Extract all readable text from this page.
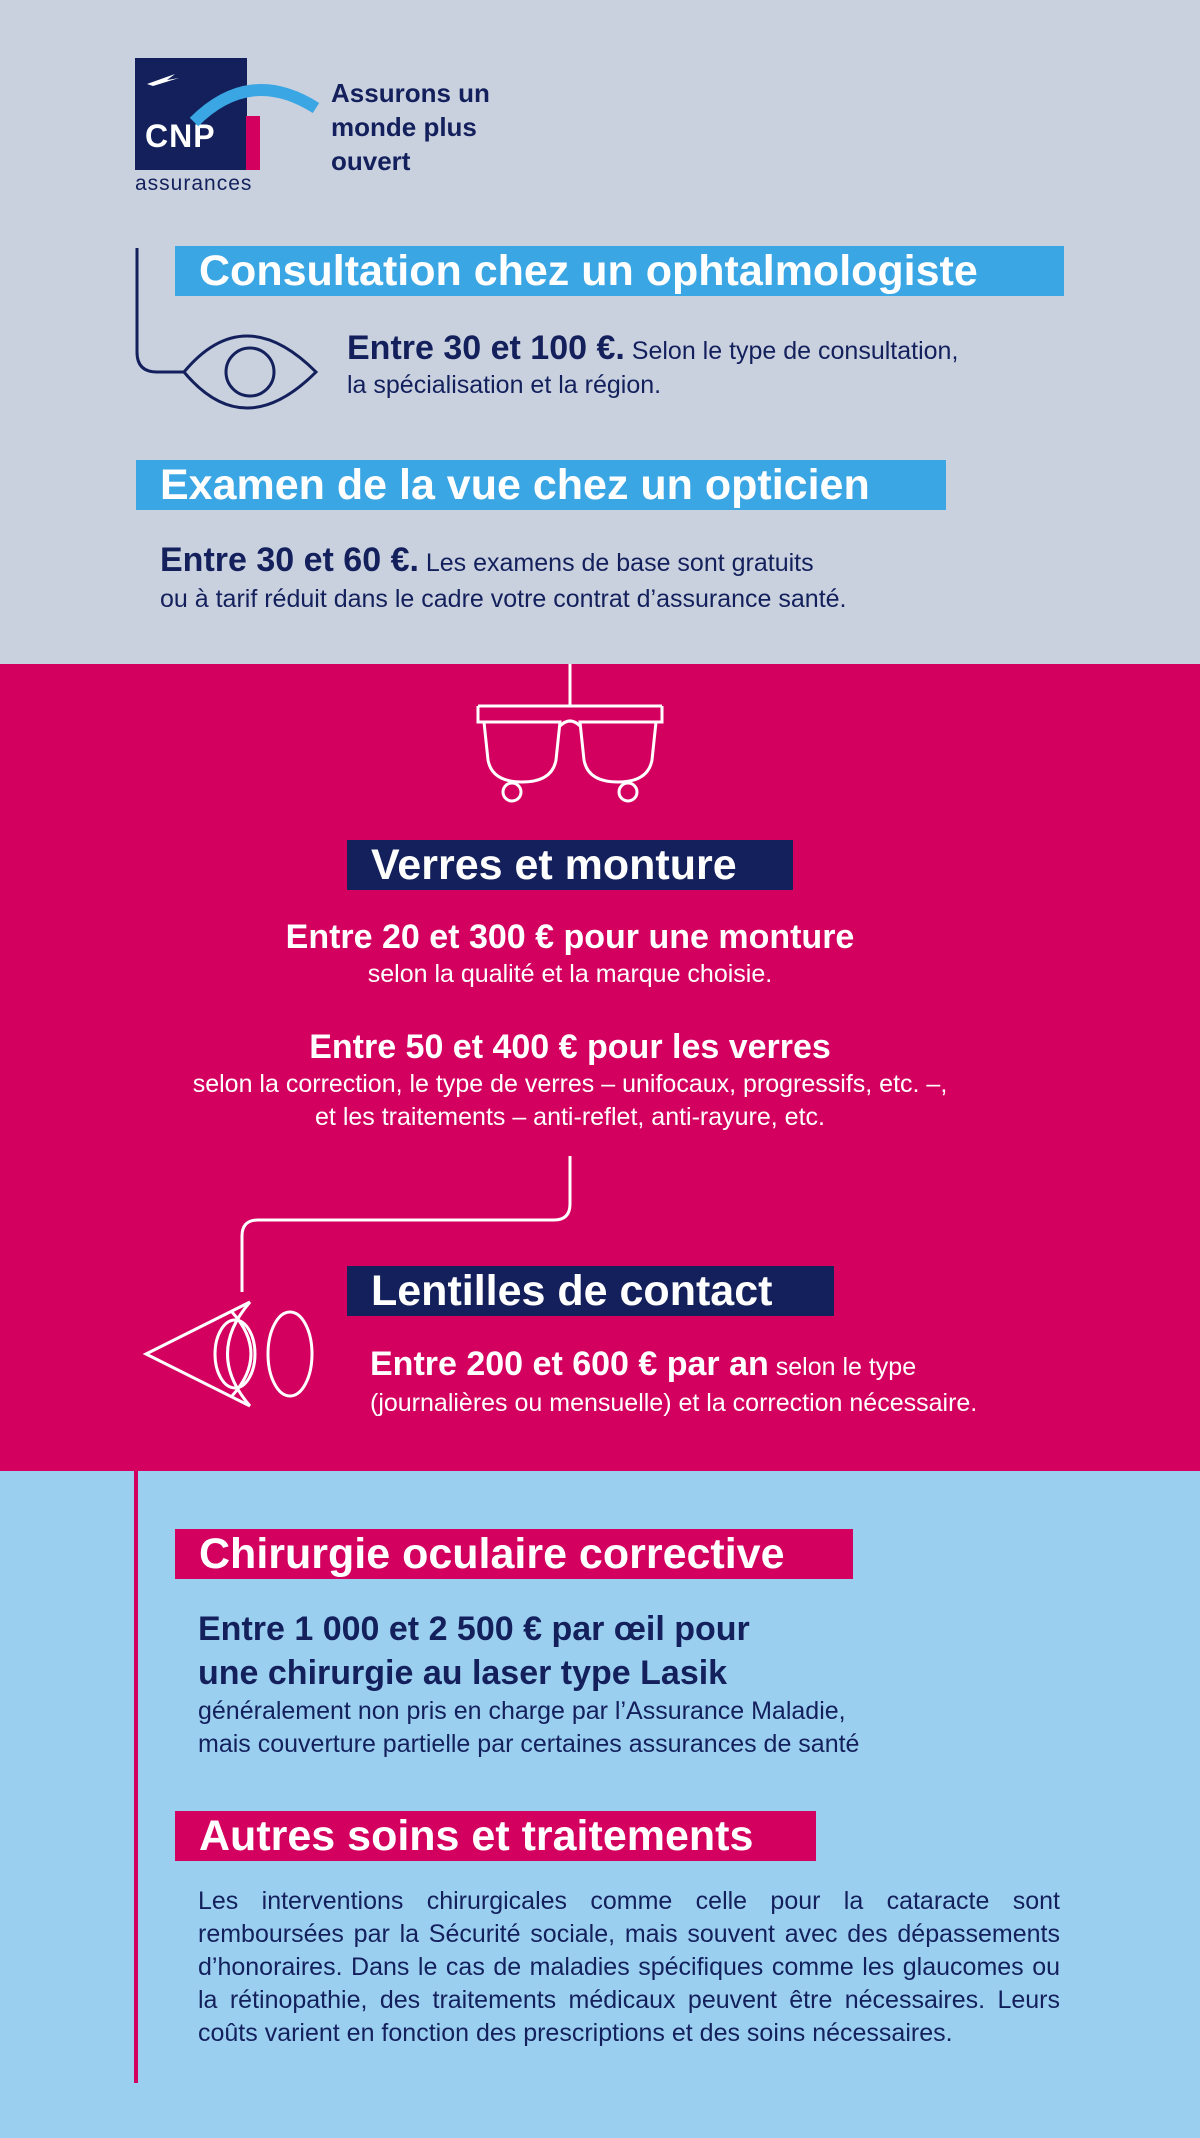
CNP
assurances
Assurons un monde plus ouvert
Consultation chez un ophtalmologiste
Entre 30 et 100 €. Selon le type de consultation,
la spécialisation et la région.
Examen de la vue chez un opticien
Entre 30 et 60 €. Les examens de base sont gratuits
ou à tarif réduit dans le cadre votre contrat d’assurance santé.
Verres et monture
Entre 20 et 300 € pour une monture
selon la qualité et la marque choisie.
Entre 50 et 400 € pour les verres
selon la correction, le type de verres – unifocaux, progressifs, etc. –,
et les traitements – anti-reflet, anti-rayure, etc.
Lentilles de contact
Entre 200 et 600 € par an selon le type
(journalières ou mensuelle) et la correction nécessaire.
Chirurgie oculaire corrective
Entre 1 000 et 2 500 € par œil pour
une chirurgie au laser type Lasik
généralement non pris en charge par l’Assurance Maladie,
mais couverture partielle par certaines assurances de santé
Autres soins et traitements
Les interventions chirurgicales comme celle pour la cataracte sont remboursées par la Sécurité sociale, mais souvent avec des dépassements d’honoraires. Dans le cas de maladies spécifiques comme les glaucomes ou la rétinopathie, des traitements médicaux peuvent être nécessaires. Leurs coûts varient en fonction des prescriptions et des soins nécessaires.
